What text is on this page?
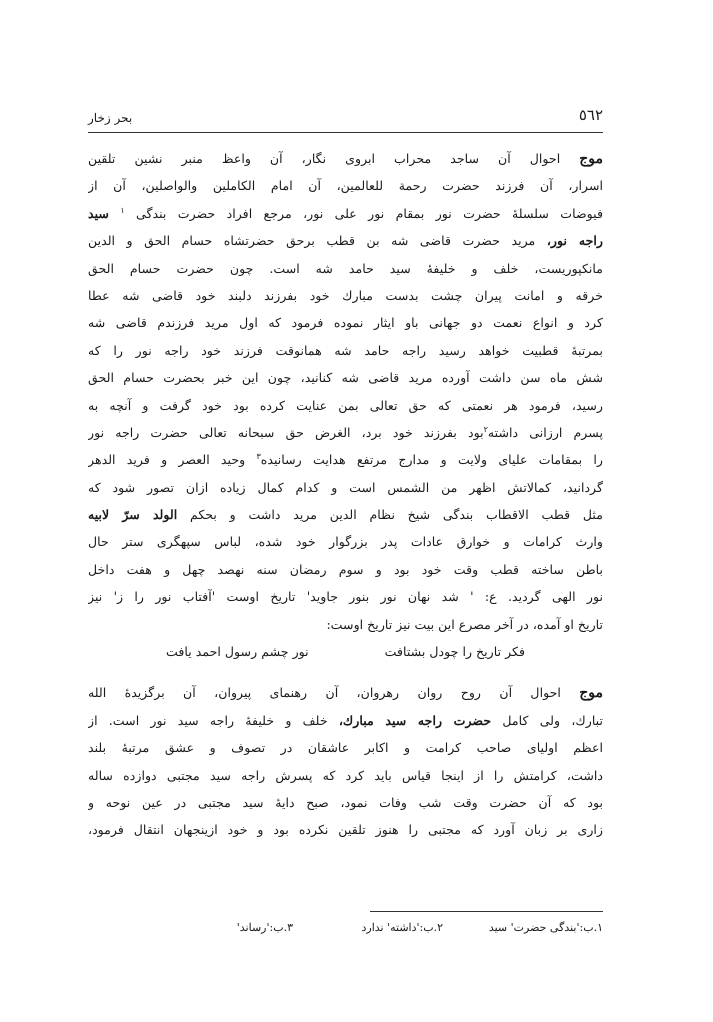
٥٦٢
بحر زخار
موج احوال آن ساجد محراب ابروی نگار، آن واعظ منبر نشین تلقین
اسرار، آن فرزند حضرت رحمة للعالمین، آن امام الکاملین والواصلین، آن از
فیوضات سلسلهٔ حضرت نور بمقام نور علی نور، مرجع افراد حضرت بندگی $^١$ سید
راجه نور، مرید حضرت قاضی شه بن قطب برحق حضرتشاه حسام الحق و الدین
مانکپوریست، خلف و خلیفهٔ سید حامد شه است. چون حضرت حسام الحق
خرقه و امانت پیران چشت بدست مبارك خود بفرزند دلبند خود قاضی شه عطا
کرد و انواع نعمت دو جهانی باو ایثار نموده فرمود که اول مرید فرزندم قاضی شه
بمرتبهٔ قطبیت خواهد رسید راجه حامد شه همانوقت فرزند خود راجه نور را که
شش ماه سن داشت آورده مرید قاضی شه کنانید، چون این خبر بحضرت حسام الحق
رسید، فرمود هر نعمتی که حق تعالی بمن عنایت کرده بود خود گرفت و آنچه به
پسرم ارزانی داشته$^٢$بود بفرزند خود برد، الغرض حق سبحانه تعالی حضرت راجه نور
را بمقامات علیای ولایت و مدارج مرتفع هدایت رسانیده$^٣$ وحید العصر و فرید الدهر
گردانید، کمالاتش اظهر من الشمس است و کدام کمال زیاده ازان تصور شود که
مثل قطب الاقطاب بندگی شیخ نظام الدین مرید داشت و بحکم الولد سرّ لابیه
وارث کرامات و خوارق عادات پدر بزرگوار خود شده، لباس سپهگری ستر حال
باطن ساخته قطب وقت خود بود و سوم رمضان سنه نهصد چهل و هفت داخل
نور الهی گردید. ع: ' شد نهان نور بنور جاوید' تاریخ اوست 'آفتاب نور را ز' نیز
تاریخ او آمده، در آخر مصرع این بیت نیز تاریخ اوست:
فکر تاریخ را چودل بشتافت
نور چشم رسول احمد یافت
موج احوال آن روح روان رهروان، آن رهنمای پیروان، آن برگزیدهٔ الله
تبارك، ولی کامل حضرت راجه سید مبارك، خلف و خلیفهٔ راجه سید نور است. از
اعظم اولیای صاحب کرامت و اکابر عاشقان در تصوف و عشق مرتبهٔ بلند
داشت، کرامتش را از اینجا قیاس باید کرد که پسرش راجه سید مجتبی دوازده ساله
بود که آن حضرت وقت شب وفات نمود، صبح دایهٔ سید مجتبی در عین نوحه و
زاری بر زبان آورد که مجتبی را هنوز تلقین نکرده بود و خود ازینجهان انتقال فرمود،
١.ب:'بندگی حضرت' سید
٢.ب:'داشته' ندارد
٣.ب:'رساند'
